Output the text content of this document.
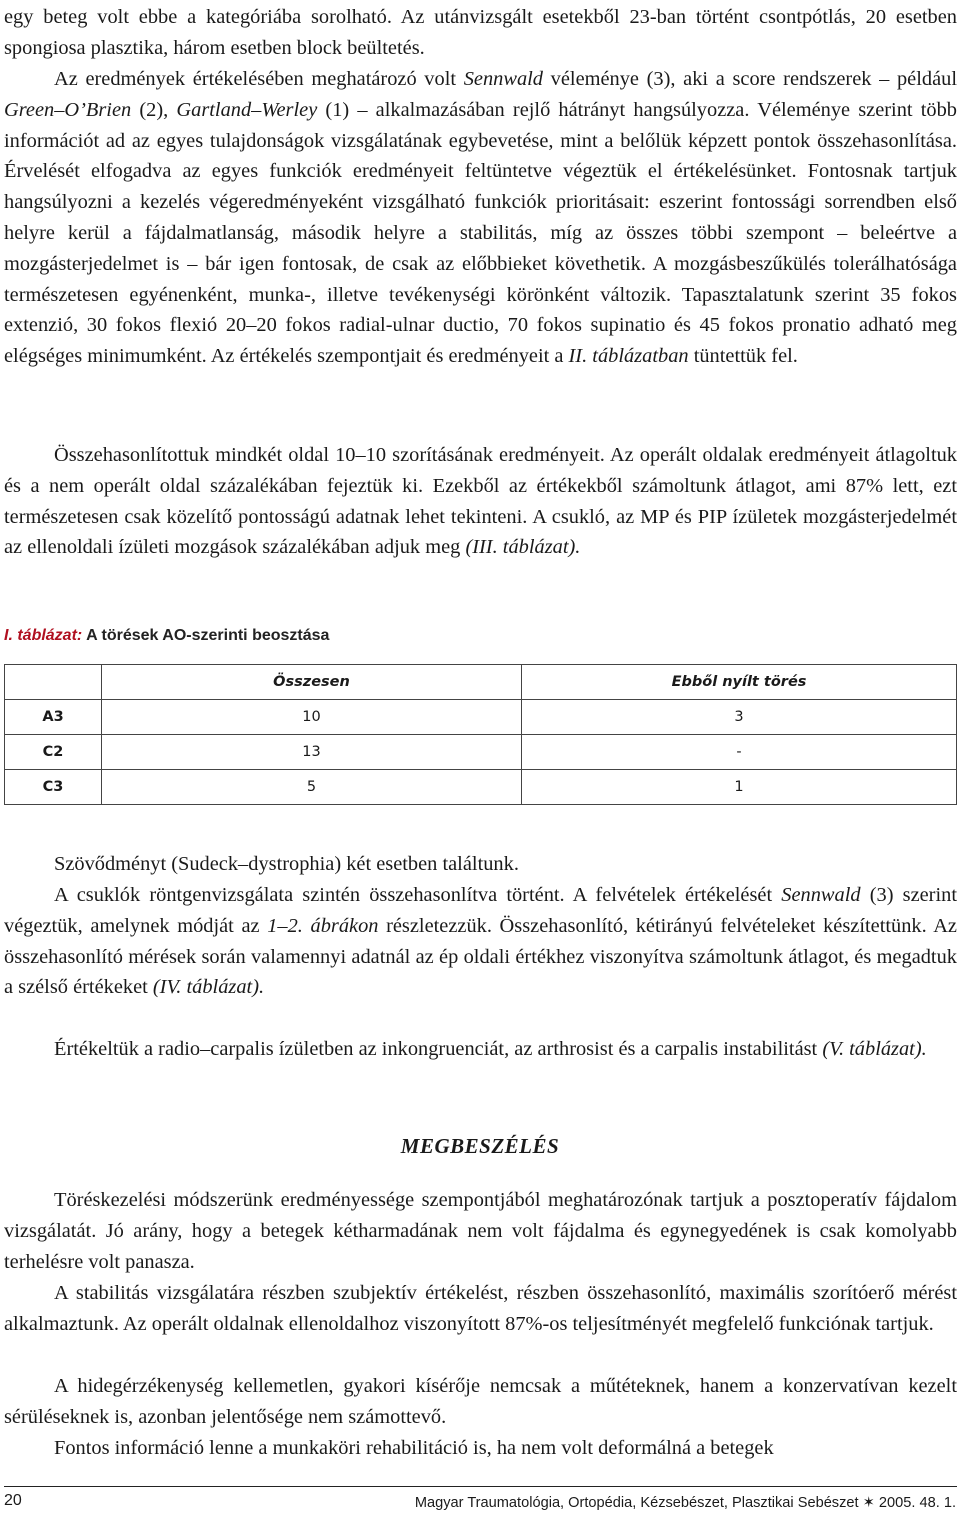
egy beteg volt ebbe a kategóriába sorolható. Az utánvizsgált esetekből 23-ban történt csontpótlás, 20 esetben spongiosa plasztika, három esetben block beültetés.

Az eredmények értékelésében meghatározó volt Sennwald véleménye (3), aki a score rendszerek – például Green–O’Brien (2), Gartland–Werley (1) – alkalmazásában rejlő hátrányt hangsúlyozza. Véleménye szerint több információt ad az egyes tulajdonságok vizsgálatának egybevetése, mint a belőlük képzett pontok összehasonlítása. Érvelését elfogadva az egyes funkciók eredményeit feltüntetve végeztük el értékelésünket. Fontosnak tartjuk hangsúlyozni a kezelés végeredményeként vizsgálható funkciók prioritásait: eszerint fontossági sorrendben első helyre kerül a fájdalmatlanság, második helyre a stabilitás, míg az összes többi szempont – beleértve a mozgásterjedelmet is – bár igen fontosak, de csak az előbbieket követhetik. A mozgásbeszűkülés tolerálhatósága természetesen egyénenként, munka-, illetve tevékenységi körönként változik. Tapasztalatunk szerint 35 fokos extenzió, 30 fokos flexió 20–20 fokos radial-ulnar ductio, 70 fokos supinatio és 45 fokos pronatio adható meg elégséges minimumként. Az értékelés szempontjait és eredményeit a II. táblázatban tüntettük fel.

Összehasonlítottuk mindkét oldal 10–10 szorításának eredményeit. Az operált oldalak eredményeit átlagoltuk és a nem operált oldal százalékában fejeztük ki. Ezekből az értékekből számoltunk átlagot, ami 87% lett, ezt természetesen csak közelítő pontosságú adatnak lehet tekinteni. A csukló, az MP és PIP ízületek mozgásterjedelmét az ellenoldali ízületi mozgások százalékában adjuk meg (III. táblázat).

I. táblázat: A törések AO-szerinti beosztása

	Összesen	Ebből nyílt törés
A3	10	3
C2	13	-
C3	5	1

Szövődményt (Sudeck–dystrophia) két esetben találtunk.

A csuklók röntgenvizsgálata szintén összehasonlítva történt. A felvételek értékelését Sennwald (3) szerint végeztük, amelynek módját az 1–2. ábrákon részletezzük. Összehasonlító, kétirányú felvételeket készítettünk. Az összehasonlító mérések során valamennyi adatnál az ép oldali értékhez viszonyítva számoltunk átlagot, és megadtuk a szélső értékeket (IV. táblázat).

Értékeltük a radio–carpalis ízületben az inkongruenciát, az arthrosist és a carpalis instabilitást (V. táblázat).

MEGBESZÉLÉS

Töréskezelési módszerünk eredményessége szempontjából meghatározónak tartjuk a posztoperatív fájdalom vizsgálatát. Jó arány, hogy a betegek kétharmadának nem volt fájdalma és egynegyedének is csak komolyabb terhelésre volt panasza.

A stabilitás vizsgálatára részben szubjektív értékelést, részben összehasonlító, maximális szorítóerő mérést alkalmaztunk. Az operált oldalnak ellenoldalhoz viszonyított 87%-os teljesítményét megfelelő funkciónak tartjuk.

A hidegérzékenység kellemetlen, gyakori kísérője nemcsak a műtéteknek, hanem a konzervatívan kezelt sérüléseknek is, azonban jelentősége nem számottevő.

Fontos információ lenne a munkaköri rehabilitáció is, ha nem volt deformálná a betegek

20	Magyar Traumatológia, Ortopédia, Kézsebészet, Plasztikai Sebészet ✶ 2005. 48. 1.
